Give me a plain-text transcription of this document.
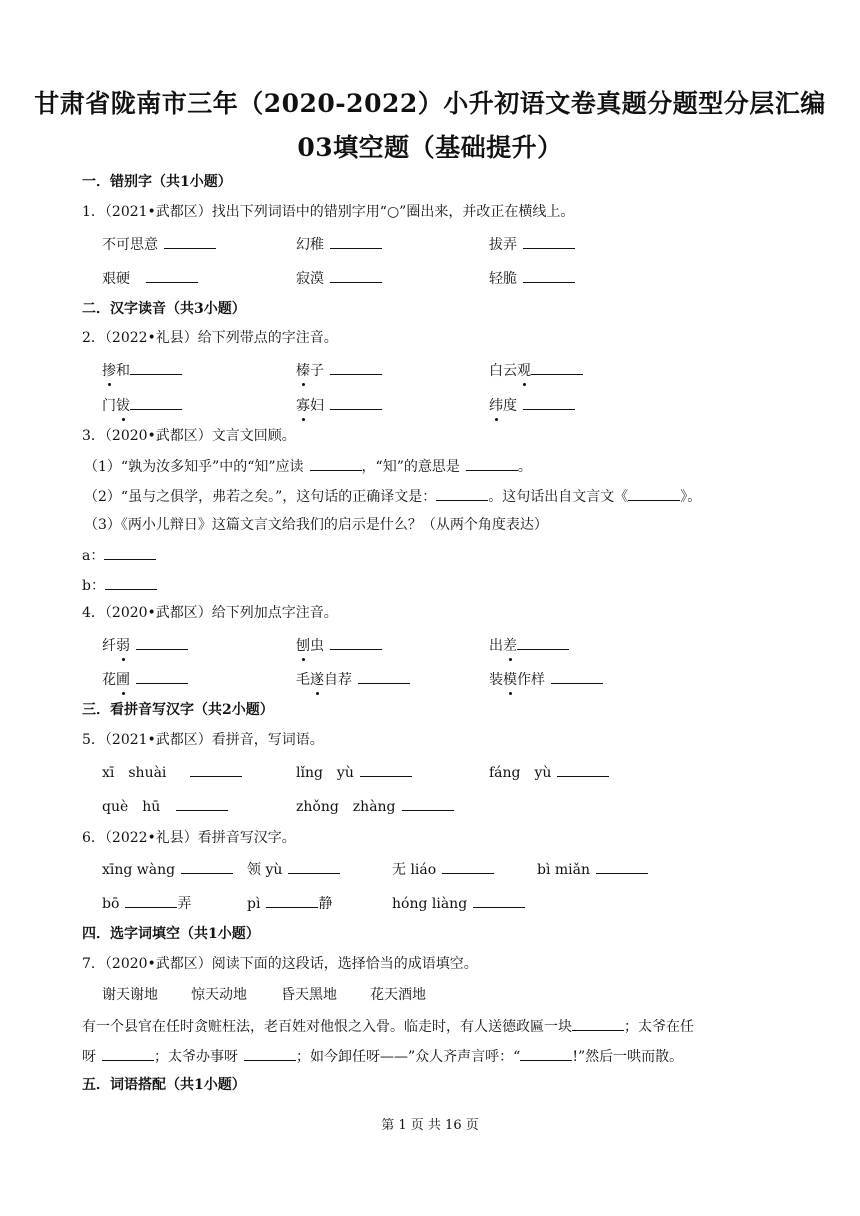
甘肃省陇南市三年（2020-2022）小升初语文卷真题分题型分层汇编
03填空题（基础提升）
一．错别字（共1小题）
1．（2021•武都区）找出下列词语中的错别字用“○”圈出来，并改正在横线上。
不可思意	幻稚	拔弄
艰硬	寂漠	轻脆
二．汉字读音（共3小题）
2．（2022•礼县）给下列带点的字注音。
掺和	榛子	白云观
门钹	寡妇	纬度
3．（2020•武都区）文言文回顾。
（1）“孰为汝多知乎”中的“知”应读	，“知”的意思是	。
（2）“虽与之俱学，弗若之矣。”，这句话的正确译文是：	。这句话出自文言文《	》。
（3）《两小儿辩日》这篇文言文给我们的启示是什么？（从两个角度表达）
a：
b：
4．（2020•武都区）给下列加点字注音。
纤弱	刨虫	出差
花圃	毛遂自荐	装模作样
三．看拼音写汉字（共2小题）
5．（2021•武都区）看拼音，写词语。
xī　shuài	lǐng　yù	fáng　yù
què　hū	zhǒng　zhàng
6．（2022•礼县）看拼音写汉字。
xīng wàng	领 yù	无 liáo	bì miǎn
bō	弄	pì	静	hóng liàng
四．选字词填空（共1小题）
7．（2020•武都区）阅读下面的这段话，选择恰当的成语填空。
谢天谢地 惊天动地 昏天黑地 花天酒地
有一个县官在任时贪赃枉法，老百姓对他恨之入骨。临走时，有人送德政匾一块	；太爷在任
呀	；太爷办事呀	；如今卸任呀——”众人齐声言呼：“	!”然后一哄而散。
五．词语搭配（共1小题）
第 1 页 共 16 页
